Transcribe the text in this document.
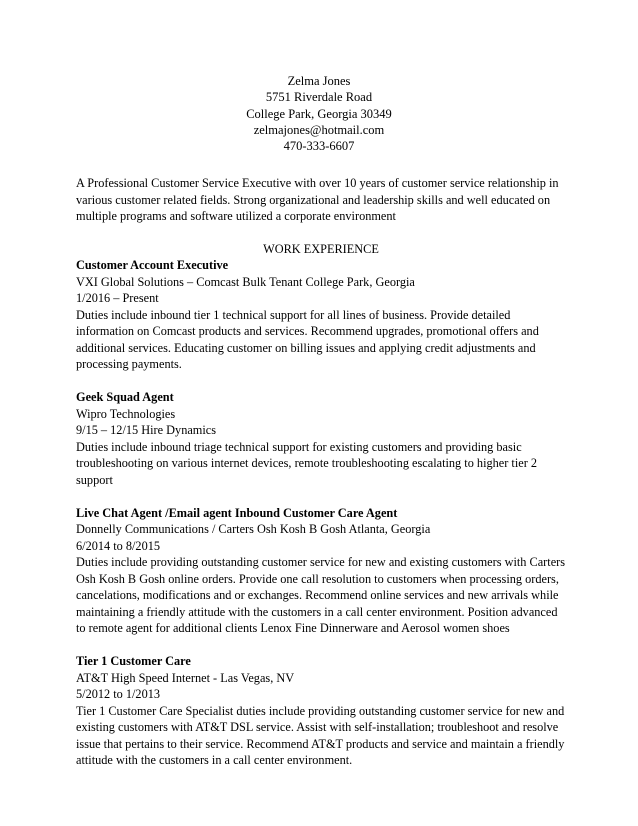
Zelma Jones
5751 Riverdale Road
College Park, Georgia 30349
zelmajones@hotmail.com
470-333-6607

A Professional Customer Service Executive with over 10 years of customer service relationship in various customer related fields. Strong organizational and leadership skills and well educated on multiple programs and software utilized a corporate environment

WORK EXPERIENCE
Customer Account Executive
VXI Global Solutions – Comcast Bulk Tenant College Park, Georgia
1/2016 – Present

Duties include inbound tier 1 technical support for all lines of business. Provide detailed information on Comcast products and services. Recommend upgrades, promotional offers and additional services. Educating customer on billing issues and applying credit adjustments and processing payments.

Geek Squad Agent
Wipro Technologies
9/15 – 12/15 Hire Dynamics

Duties include inbound triage technical support for existing customers and providing basic troubleshooting on various internet devices, remote troubleshooting escalating to higher tier 2 support

Live Chat Agent /Email agent Inbound Customer Care Agent
Donnelly Communications / Carters Osh Kosh B Gosh Atlanta, Georgia
6/2014 to 8/2015

Duties include providing outstanding customer service for new and existing customers with Carters Osh Kosh B Gosh online orders. Provide one call resolution to customers when processing orders, cancelations, modifications and or exchanges. Recommend online services and new arrivals while maintaining a friendly attitude with the customers in a call center environment. Position advanced to remote agent for additional clients Lenox Fine Dinnerware and Aerosol women shoes

Tier 1 Customer Care
AT&T High Speed Internet - Las Vegas, NV
5/2012 to 1/2013

Tier 1 Customer Care Specialist duties include providing outstanding customer service for new and existing customers with AT&T DSL service. Assist with self-installation; troubleshoot and resolve issue that pertains to their service. Recommend AT&T products and service and maintain a friendly attitude with the customers in a call center environment.
